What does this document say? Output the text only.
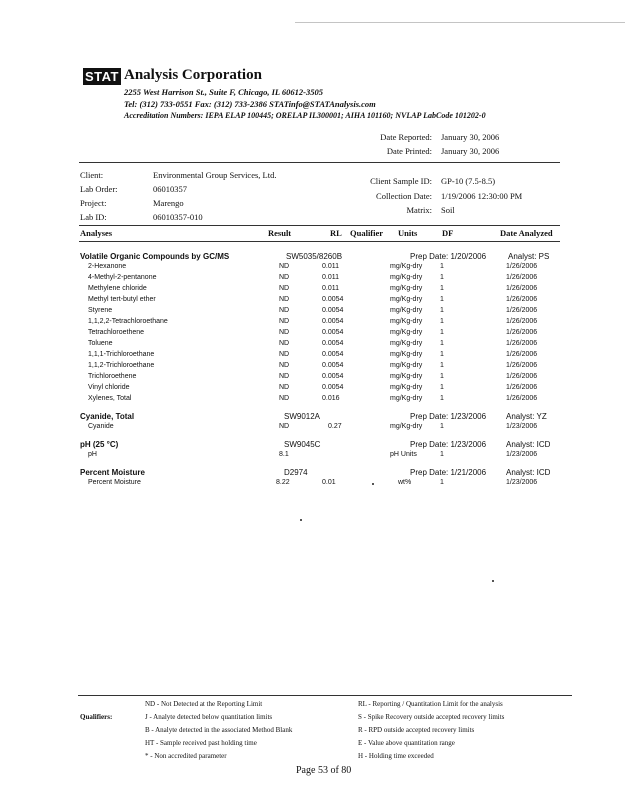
STAT Analysis Corporation
2255 West Harrison St., Suite F, Chicago, IL 60612-3505
Tel: (312) 733-0551 Fax: (312) 733-2386 STATinfo@STATAnalysis.com
Accreditation Numbers: IEPA ELAP 100445; ORELAP IL300001; AIHA 101160; NVLAP LabCode 101202-0
Date Reported: January 30, 2006
Date Printed: January 30, 2006
Client:	Environmental Group Services, Ltd.
Lab Order:	06010357
Project:	Marengo
Lab ID:	06010357-010
Client Sample ID: GP-10 (7.5-8.5)
Collection Date: 1/19/2006 12:30:00 PM
Matrix: Soil
Analyses	Result	RL Qualifier Units	DF	Date Analyzed
Volatile Organic Compounds by GC/MS	SW5035/8260B	Prep Date: 1/20/2006	Analyst: PS
2-Hexanone	ND	0.011	mg/Kg-dry	1	1/26/2006
4-Methyl-2-pentanone	ND	0.011	mg/Kg-dry	1	1/26/2006
Methylene chloride	ND	0.011	mg/Kg-dry	1	1/26/2006
Methyl tert-butyl ether	ND	0.0054	mg/Kg-dry	1	1/26/2006
Styrene	ND	0.0054	mg/Kg-dry	1	1/26/2006
1,1,2,2-Tetrachloroethane	ND	0.0054	mg/Kg-dry	1	1/26/2006
Tetrachloroethene	ND	0.0054	mg/Kg-dry	1	1/26/2006
Toluene	ND	0.0054	mg/Kg-dry	1	1/26/2006
1,1,1-Trichloroethane	ND	0.0054	mg/Kg-dry	1	1/26/2006
1,1,2-Trichloroethane	ND	0.0054	mg/Kg-dry	1	1/26/2006
Trichloroethene	ND	0.0054	mg/Kg-dry	1	1/26/2006
Vinyl chloride	ND	0.0054	mg/Kg-dry	1	1/26/2006
Xylenes, Total	ND	0.016	mg/Kg-dry	1	1/26/2006
Cyanide, Total	SW9012A	Prep Date: 1/23/2006 Analyst: YZ
Cyanide	ND	0.27	mg/Kg-dry	1	1/23/2006
pH (25 °C)	SW9045C	Prep Date: 1/23/2006 Analyst: ICD
pH	8.1	pH Units	1	1/23/2006
Percent Moisture	D2974	Prep Date: 1/21/2006 Analyst: ICD
Percent Moisture	8.22	0.01	wt%	1	1/23/2006
Qualifiers:
ND - Not Detected at the Reporting Limit
J - Analyte detected below quantitation limits
B - Analyte detected in the associated Method Blank
HT - Sample received past holding time
* - Non accredited parameter
RL - Reporting / Quantitation Limit for the analysis
S - Spike Recovery outside accepted recovery limits
R - RPD outside accepted recovery limits
E - Value above quantitation range
H - Holding time exceeded
Page 53 of 80
